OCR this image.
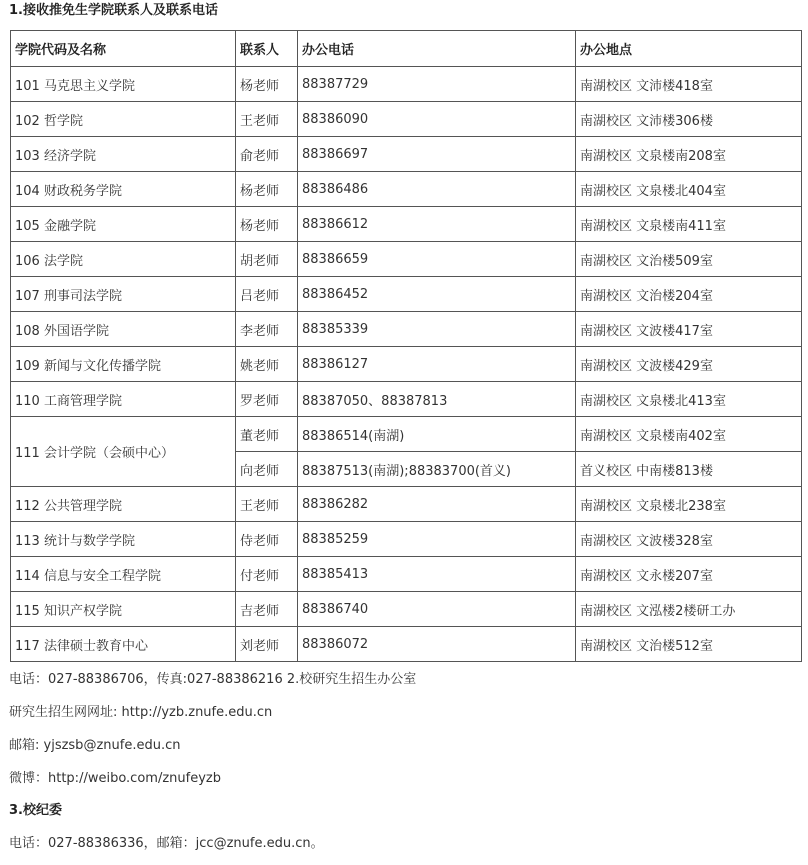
1.接收推免生学院联系人及联系电话
学院代码及名称	联系人	办公电话	办公地点
101 马克思主义学院	杨老师	88387729	南湖校区 文沛楼418室
102 哲学院	王老师	88386090	南湖校区 文沛楼306楼
103 经济学院	俞老师	88386697	南湖校区 文泉楼南208室
104 财政税务学院	杨老师	88386486	南湖校区 文泉楼北404室
105 金融学院	杨老师	88386612	南湖校区 文泉楼南411室
106 法学院	胡老师	88386659	南湖校区 文治楼509室
107 刑事司法学院	吕老师	88386452	南湖校区 文治楼204室
108 外国语学院	李老师	88385339	南湖校区 文波楼417室
109 新闻与文化传播学院	姚老师	88386127	南湖校区 文波楼429室
110 工商管理学院	罗老师	88387050、88387813	南湖校区 文泉楼北413室
111 会计学院（会硕中心）	董老师	88386514(南湖)	南湖校区 文泉楼南402室
	向老师	88387513(南湖);88383700(首义)	首义校区 中南楼813楼
112 公共管理学院	王老师	88386282	南湖校区 文泉楼北238室
113 统计与数学学院	侍老师	88385259	南湖校区 文波楼328室
114 信息与安全工程学院	付老师	88385413	南湖校区 文永楼207室
115 知识产权学院	吉老师	88386740	南湖校区 文泓楼2楼研工办
117 法律硕士教育中心	刘老师	88386072	南湖校区 文治楼512室
电话：027-88386706，传真:027-88386216 2.校研究生招生办公室
研究生招生网网址: http://yzb.znufe.edu.cn
邮箱: yjszsb@znufe.edu.cn
微博：http://weibo.com/znufeyzb
3.校纪委
电话：027-88386336，邮箱：jcc@znufe.edu.cn。
